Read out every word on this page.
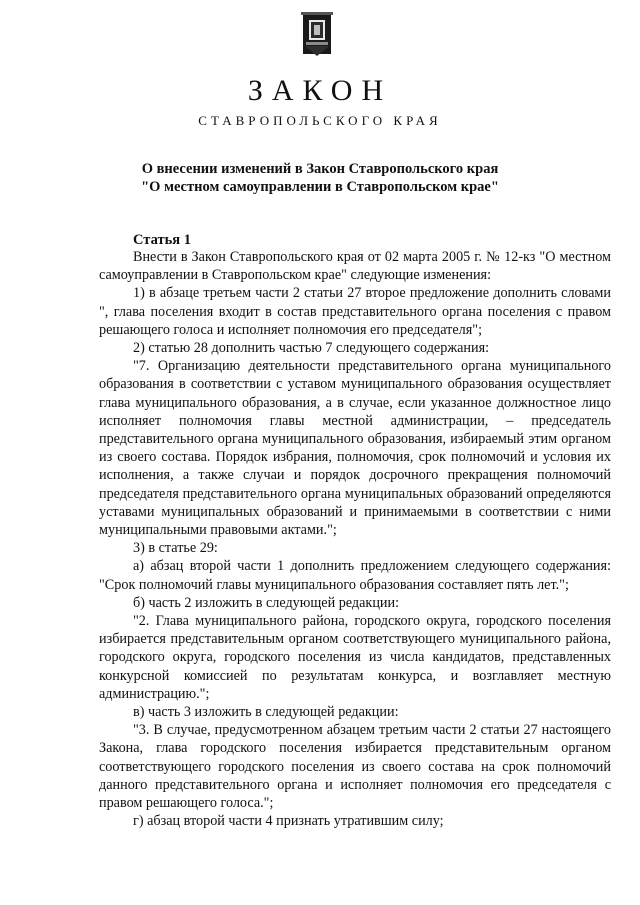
ЗАКОН

СТАВРОПОЛЬСКОГО КРАЯ

О внесении изменений в Закон Ставропольского края
"О местном самоуправлении в Ставропольском крае"
Статья 1

Внести в Закон Ставропольского края от 02 марта 2005 г. № 12-кз "О местном самоуправлении в Ставропольском крае" следующие изменения:

1) в абзаце третьем части 2 статьи 27 второе предложение дополнить словами ", глава поселения входит в состав представительного органа поселения с правом решающего голоса и исполняет полномочия его председателя";

2) статью 28 дополнить частью 7 следующего содержания:

"7. Организацию деятельности представительного органа муниципального образования в соответствии с уставом муниципального образования осуществляет глава муниципального образования, а в случае, если указанное должностное лицо исполняет полномочия главы местной администрации, – председатель представительного органа муниципального образования, избираемый этим органом из своего состава. Порядок избрания, полномочия, срок полномочий и условия их исполнения, а также случаи и порядок досрочного прекращения полномочий председателя представительного органа муниципальных образований определяются уставами муниципальных образований и принимаемыми в соответствии с ними муниципальными правовыми актами.";

3) в статье 29:

а) абзац второй части 1 дополнить предложением следующего содержания: "Срок полномочий главы муниципального образования составляет пять лет.";

б) часть 2 изложить в следующей редакции:

"2. Глава муниципального района, городского округа, городского поселения избирается представительным органом соответствующего муниципального района, городского округа, городского поселения из числа кандидатов, представленных конкурсной комиссией по результатам конкурса, и возглавляет местную администрацию.";

в) часть 3 изложить в следующей редакции:

"3. В случае, предусмотренном абзацем третьим части 2 статьи 27 настоящего Закона, глава городского поселения избирается представительным органом соответствующего городского поселения из своего состава на срок полномочий данного представительного органа и исполняет полномочия его председателя с правом решающего голоса.";

г) абзац второй части 4 признать утратившим силу;
